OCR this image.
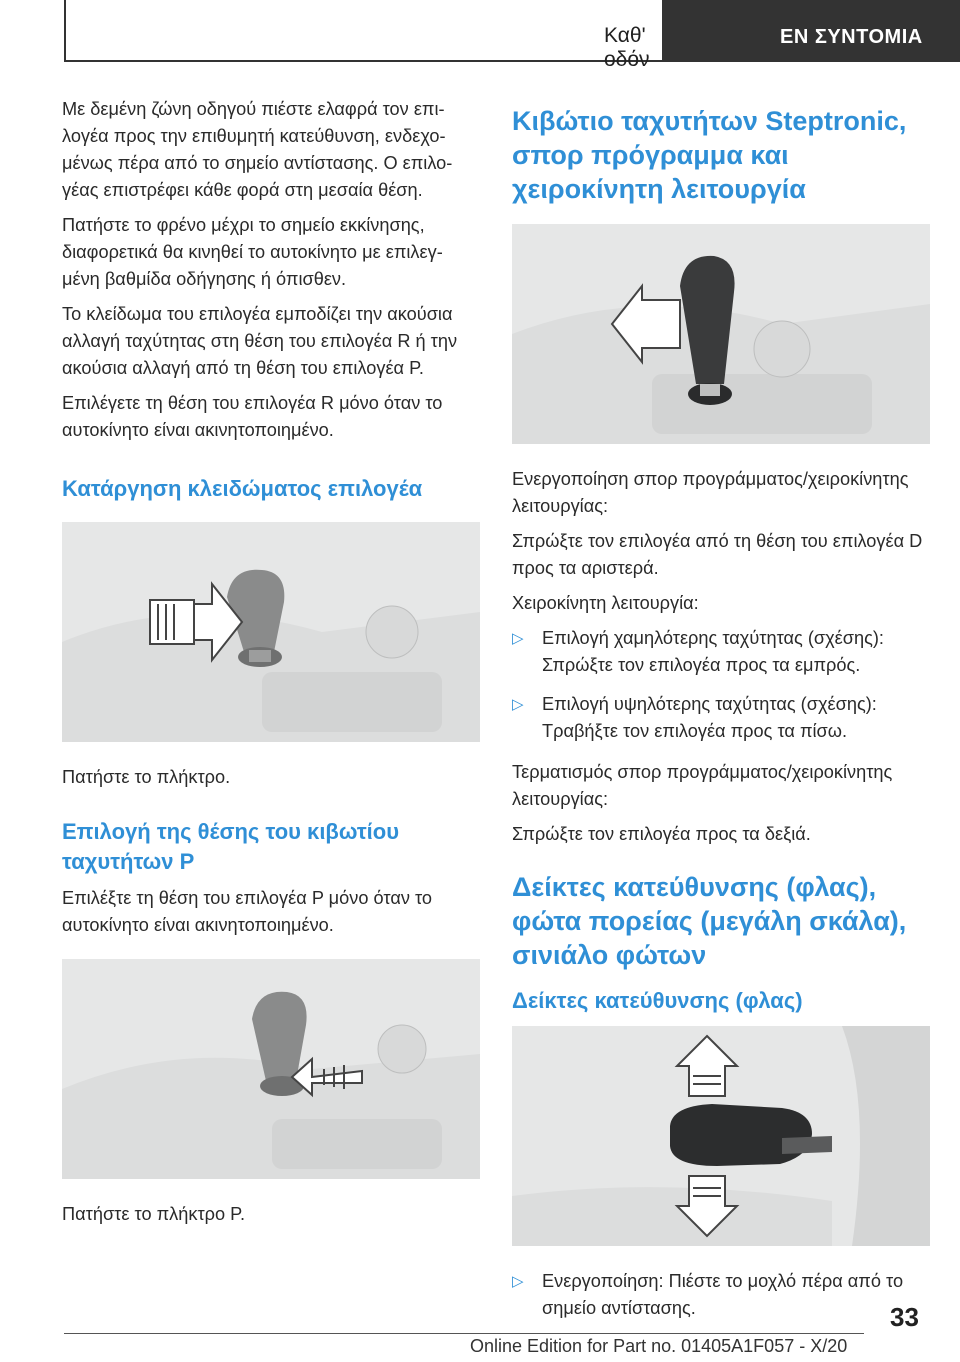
Καθ' οδόν
ΕΝ ΣΥΝΤΟΜΙΑ

Με δεμένη ζώνη οδηγού πιέστε ελαφρά τον επι-λογέα προς την επιθυμητή κατεύθυνση, ενδεχο-μένως πέρα από το σημείο αντίστασης. Ο επιλο-γέας επιστρέφει κάθε φορά στη μεσαία θέση.

Πατήστε το φρένο μέχρι το σημείο εκκίνησης, διαφορετικά θα κινηθεί το αυτοκίνητο με επιλεγ-μένη βαθμίδα οδήγησης ή όπισθεν.

Το κλείδωμα του επιλογέα εμποδίζει την ακούσια αλλαγή ταχύτητας στη θέση του επιλογέα R ή την ακούσια αλλαγή από τη θέση του επιλογέα P.

Επιλέγετε τη θέση του επιλογέα R μόνο όταν το αυτοκίνητο είναι ακινητοποιημένο.

Κατάργηση κλειδώματος επιλογέα

Πατήστε το πλήκτρο.

Επιλογή της θέσης του κιβωτίου ταχυτήτων P

Επιλέξτε τη θέση του επιλογέα P μόνο όταν το αυτοκίνητο είναι ακινητοποιημένο.

Πατήστε το πλήκτρο P.

Κιβώτιο ταχυτήτων Steptronic, σπορ πρόγραμμα και χειροκίνητη λειτουργία

Ενεργοποίηση σπορ προγράμματος/χειροκίνητης λειτουργίας:

Σπρώξτε τον επιλογέα από τη θέση του επιλογέα D προς τα αριστερά.

Χειροκίνητη λειτουργία:

▷ Επιλογή χαμηλότερης ταχύτητας (σχέσης): Σπρώξτε τον επιλογέα προς τα εμπρός.
▷ Επιλογή υψηλότερης ταχύτητας (σχέσης): Τραβήξτε τον επιλογέα προς τα πίσω.

Τερματισμός σπορ προγράμματος/χειροκίνητης λειτουργίας:

Σπρώξτε τον επιλογέα προς τα δεξιά.

Δείκτες κατεύθυνσης (φλας), φώτα πορείας (μεγάλη σκάλα), σινιάλο φώτων
Δείκτες κατεύθυνσης (φλας)
▷ Ενεργοποίηση: Πιέστε το μοχλό πέρα από το σημείο αντίστασης.	33
Online Edition for Part no. 01405A1F057 - X/20
